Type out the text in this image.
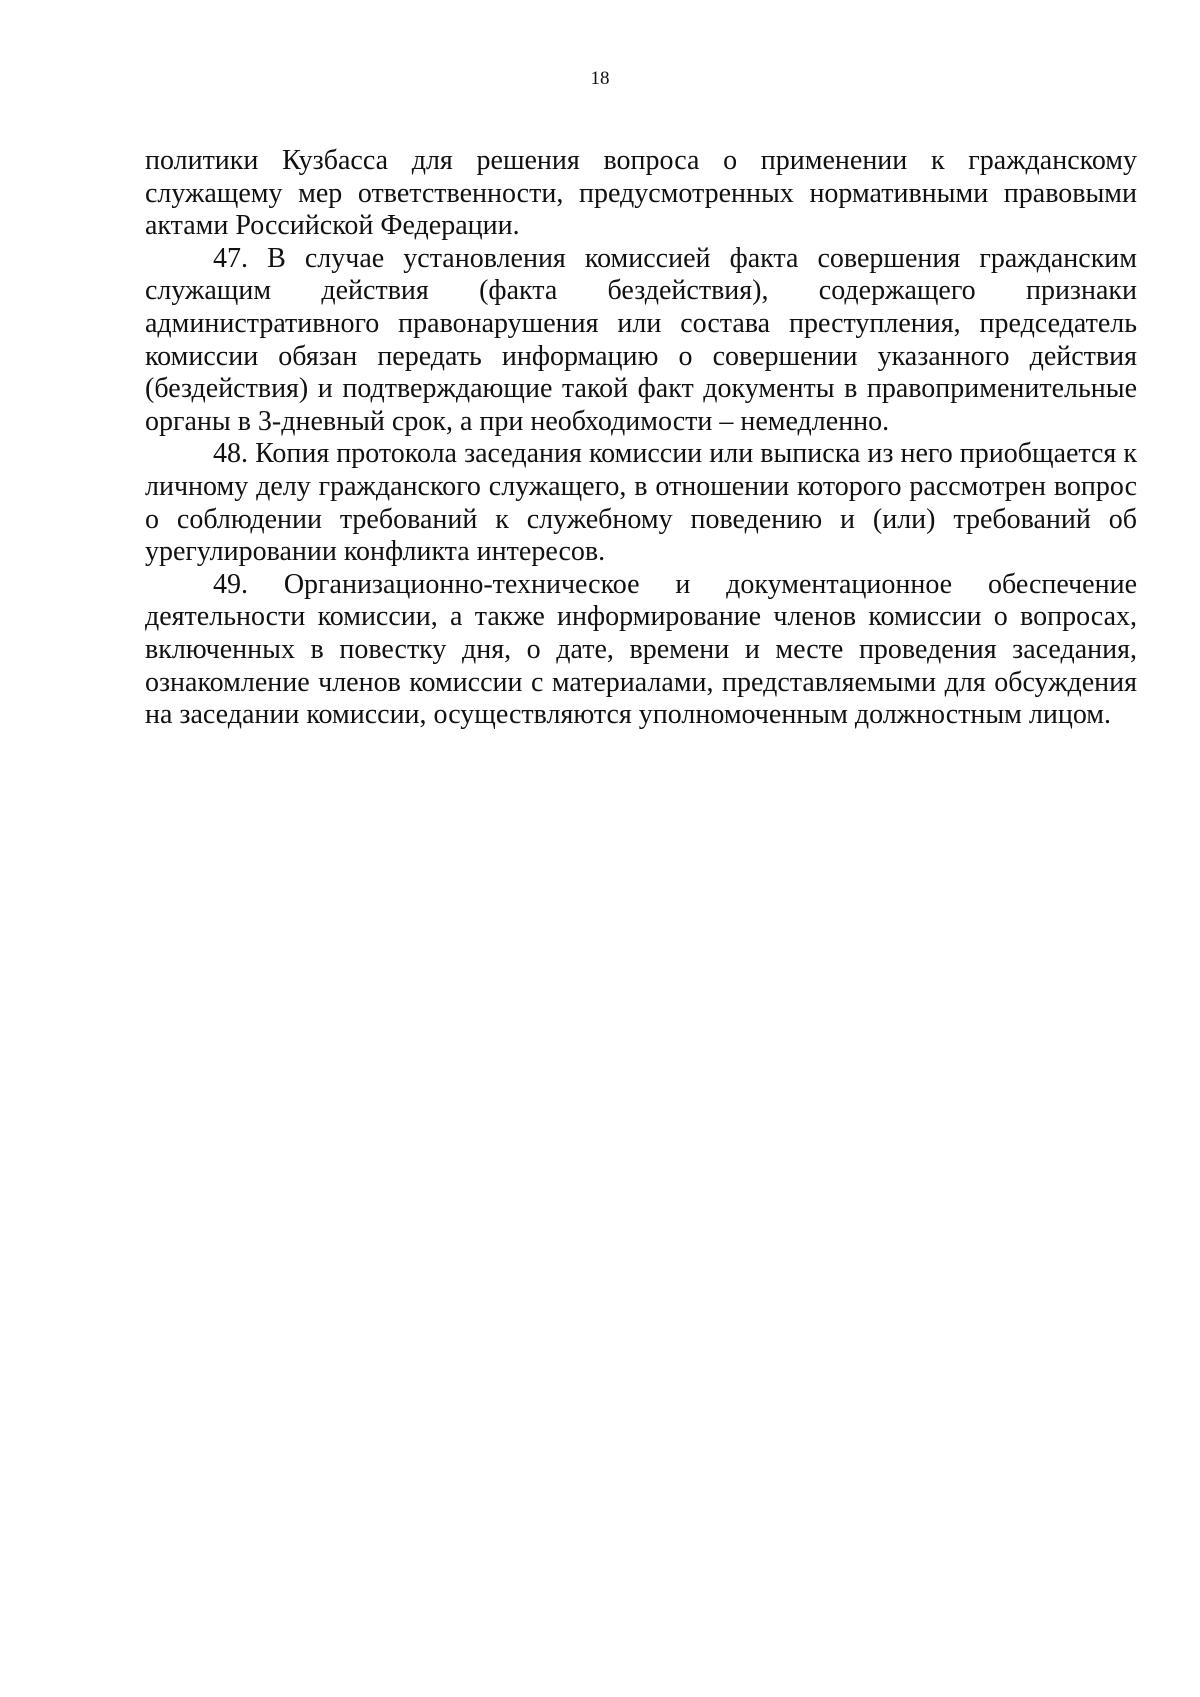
18

политики Кузбасса для решения вопроса о применении к гражданскому служащему мер ответственности, предусмотренных нормативными правовыми актами Российской Федерации.

47. В случае установления комиссией факта совершения гражданским служащим действия (факта бездействия), содержащего признаки административного правонарушения или состава преступления, председатель комиссии обязан передать информацию о совершении указанного действия (бездействия) и подтверждающие такой факт документы в правоприменительные органы в 3-дневный срок, а при необходимости – немедленно.

48. Копия протокола заседания комиссии или выписка из него приобщается к личному делу гражданского служащего, в отношении которого рассмотрен вопрос о соблюдении требований к служебному поведению и (или) требований об урегулировании конфликта интересов.

49. Организационно-техническое и документационное обеспечение деятельности комиссии, а также информирование членов комиссии о вопросах, включенных в повестку дня, о дате, времени и месте проведения заседания, ознакомление членов комиссии с материалами, представляемыми для обсуждения на заседании комиссии, осуществляются уполномоченным должностным лицом.
